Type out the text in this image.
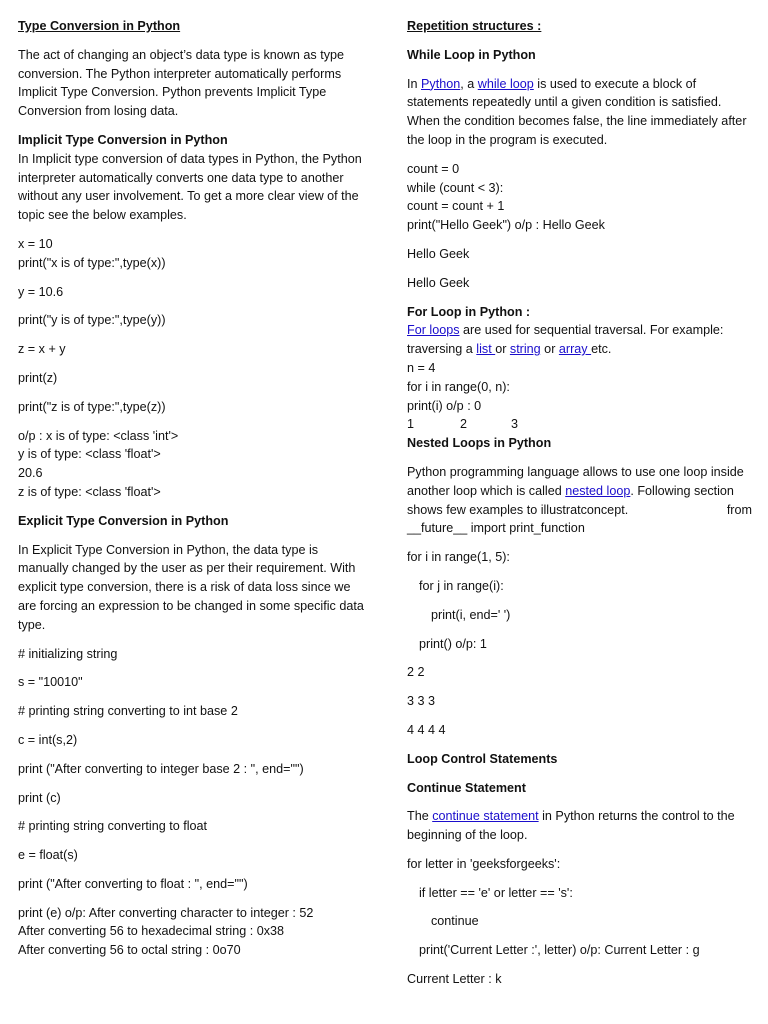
Type Conversion in Python

The act of changing an object’s data type is known as type conversion. The Python interpreter automatically performs Implicit Type Conversion. Python prevents Implicit Type Conversion from losing data.

Implicit Type Conversion in Python

In Implicit type conversion of data types in Python, the Python interpreter automatically converts one data type to another without any user involvement. To get a more clear view of the topic see the below examples.

x = 10

print("x is of type:",type(x))

y = 10.6

print("y is of type:",type(y))

z = x + y

print(z)

print("z is of type:",type(z))

o/p : x is of type: <class 'int'>
y is of type: <class 'float'>
20.6

z is of type: <class 'float'>

Explicit Type Conversion in Python

In Explicit Type Conversion in Python, the data type is manually changed by the user as per their requirement. With explicit type conversion, there is a risk of data loss since we are forcing an expression to be changed in some specific data type.

# initializing string

s = "10010"

# printing string converting to int base 2

c = int(s,2)

print ("After converting to integer base 2 : ", end="")

print (c)

# printing string converting to float

e = float(s)

print ("After converting to float : ", end="")

print (e) o/p: After converting character to integer : 52
After converting 56 to hexadecimal string : 0x38
After converting 56 to octal string : 0o70

Repetition structures :

While Loop in Python

In Python, a while loop is used to execute a block of statements repeatedly until a given condition is satisfied. When the condition becomes false, the line immediately after the loop in the program is executed.

count = 0
while (count < 3):
count = count + 1

print("Hello Geek") o/p : Hello Geek

Hello Geek

Hello Geek

For Loop in Python :
For loops are used for sequential traversal. For example: traversing a list or string or array etc.
n = 4
for i in range(0, n):
print(i) o/p : 0
1	2	3

Nested Loops in Python

Python programming language allows to use one loop inside another loop which is called nested loop. Following section shows few examples to illustratconcept.	from

__future__ import print_function

for i in range(1, 5):

for j in range(i):

print(i, end=' ')

print() o/p: 1

2 2

3 3 3

4 4 4 4

Loop Control Statements

Continue Statement

The continue statement in Python returns the control to the beginning of the loop.

for letter in 'geeksforgeeks':

if letter == 'e' or letter == 's':

continue

print('Current Letter :', letter) o/p: Current Letter : g

Current Letter : k
